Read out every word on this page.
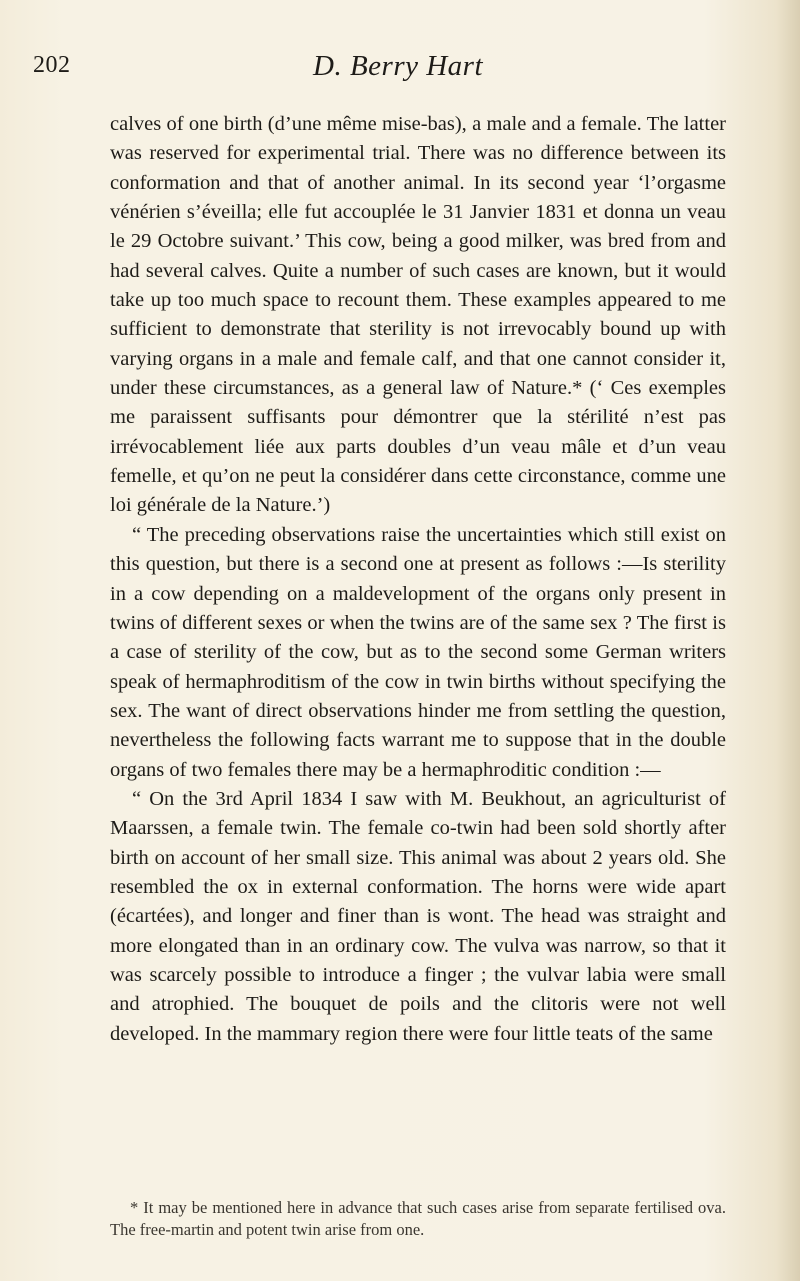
202	D. Berry Hart

calves of one birth (d’une même mise-bas), a male and a female. The latter was reserved for experimental trial. There was no difference between its conformation and that of another animal. In its second year ‘l’orgasme vénérien s’éveilla; elle fut accouplée le 31 Janvier 1831 et donna un veau le 29 Octobre suivant.’ This cow, being a good milker, was bred from and had several calves. Quite a number of such cases are known, but it would take up too much space to recount them. These examples appeared to me sufficient to demonstrate that sterility is not irrevocably bound up with varying organs in a male and female calf, and that one cannot consider it, under these circumstances, as a general law of Nature.* (‘ Ces exemples me paraissent suffisants pour démontrer que la stérilité n’est pas irrévocablement liée aux parts doubles d’un veau mâle et d’un veau femelle, et qu’on ne peut la considérer dans cette circonstance, comme une loi générale de la Nature.’)

“ The preceding observations raise the uncertainties which still exist on this question, but there is a second one at present as follows :—Is sterility in a cow depending on a maldevelopment of the organs only present in twins of different sexes or when the twins are of the same sex ? The first is a case of sterility of the cow, but as to the second some German writers speak of hermaphroditism of the cow in twin births without specifying the sex. The want of direct observations hinder me from settling the question, nevertheless the following facts warrant me to suppose that in the double organs of two females there may be a hermaphroditic condition :—

“ On the 3rd April 1834 I saw with M. Beukhout, an agriculturist of Maarssen, a female twin. The female co-twin had been sold shortly after birth on account of her small size. This animal was about 2 years old. She resembled the ox in external conformation. The horns were wide apart (écartées), and longer and finer than is wont. The head was straight and more elongated than in an ordinary cow. The vulva was narrow, so that it was scarcely possible to introduce a finger ; the vulvar labia were small and atrophied. The bouquet de poils and the clitoris were not well developed. In the mammary region there were four little teats of the same

* It may be mentioned here in advance that such cases arise from separate fertilised ova. The free-martin and potent twin arise from one.
